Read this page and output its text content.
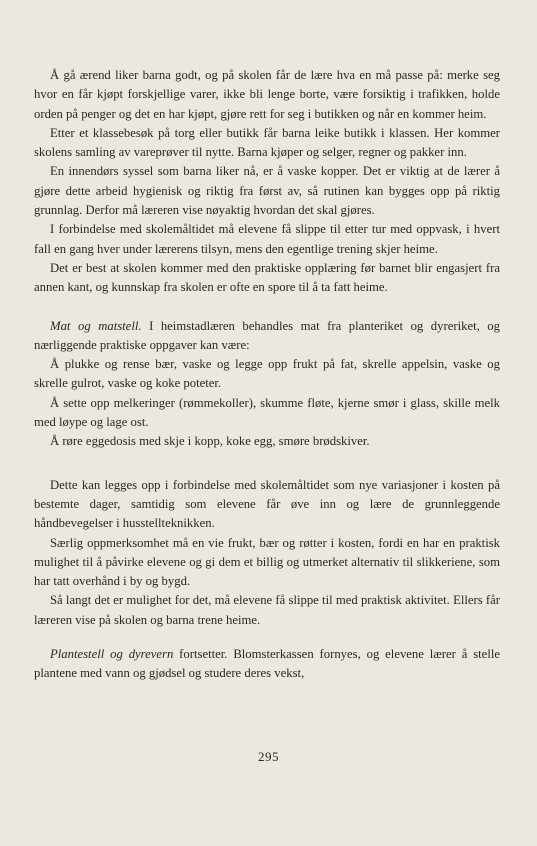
Å gå ærend liker barna godt, og på skolen får de lære hva en må passe på: merke seg hvor en får kjøpt forskjellige varer, ikke bli lenge borte, være forsiktig i trafikken, holde orden på penger og det en har kjøpt, gjøre rett for seg i butikken og når en kommer heim.

Etter et klassebesøk på torg eller butikk får barna leike butikk i klassen. Her kommer skolens samling av vareprøver til nytte. Barna kjøper og selger, regner og pakker inn.

En innendørs syssel som barna liker nå, er å vaske kopper. Det er viktig at de lærer å gjøre dette arbeid hygienisk og riktig fra først av, så rutinen kan bygges opp på riktig grunnlag. Derfor må læreren vise nøyaktig hvordan det skal gjøres.

I forbindelse med skolemåltidet må elevene få slippe til etter tur med oppvask, i hvert fall en gang hver under lærerens tilsyn, mens den egentlige trening skjer heime.

Det er best at skolen kommer med den praktiske opplæring før barnet blir engasjert fra annen kant, og kunnskap fra skolen er ofte en spore til å ta fatt heime.

Mat og matstell. I heimstadlæren behandles mat fra planteriket og dyreriket, og nærliggende praktiske oppgaver kan være:

Å plukke og rense bær, vaske og legge opp frukt på fat, skrelle appelsin, vaske og skrelle gulrot, vaske og koke poteter.

Å sette opp melkeringer (rømmekoller), skumme fløte, kjerne smør i glass, skille melk med løype og lage ost.

Å røre eggedosis med skje i kopp, koke egg, smøre brødskiver.

Dette kan legges opp i forbindelse med skolemåltidet som nye variasjoner i kosten på bestemte dager, samtidig som elevene får øve inn og lære de grunnleggende håndbevegelser i husstellteknikken.

Særlig oppmerksomhet må en vie frukt, bær og røtter i kosten, fordi en har en praktisk mulighet til å påvirke elevene og gi dem et billig og utmerket alternativ til slikkeriene, som har tatt overhånd i by og bygd.

Så langt det er mulighet for det, må elevene få slippe til med praktisk aktivitet. Ellers får læreren vise på skolen og barna trene heime.

Plantestell og dyrevern fortsetter. Blomsterkassen fornyes, og elevene lærer å stelle plantene med vann og gjødsel og studere deres vekst,

295
